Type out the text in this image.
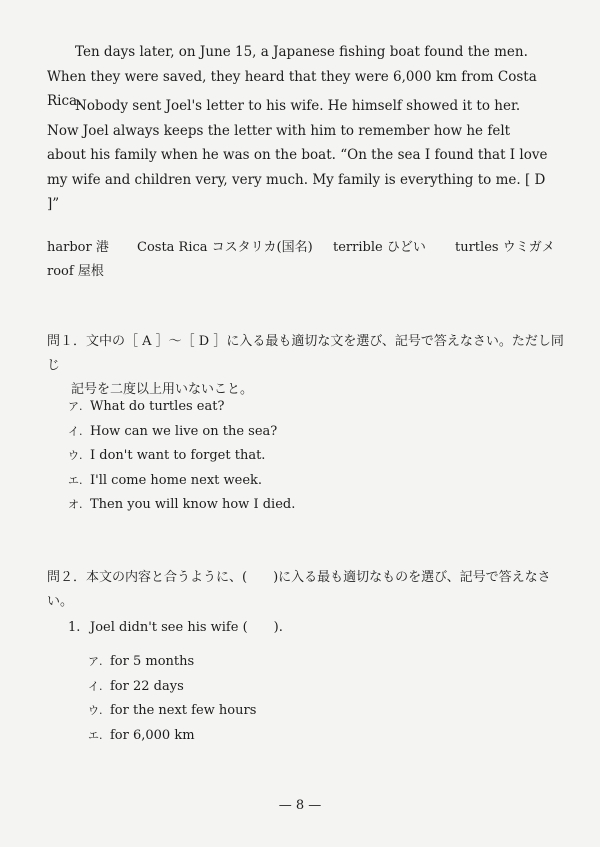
Ten days later, on June 15, a Japanese fishing boat found the men. When they were saved, they heard that they were 6,000 km from Costa Rica.

Nobody sent Joel's letter to his wife. He himself showed it to her. Now Joel always keeps the letter with him to remember how he felt about his family when he was on the boat. “On the sea I found that I love my wife and children very, very much. My family is everything to me. [ D ]”

harbor 港	Costa Rica コスタリカ(国名)	terrible ひどい	turtles ウミガメ
roof 屋根
問１．文中の［ A ］～［ D ］に入る最も適切な文を選び、記号で答えなさい。ただし同じ
記号を二度以上用いないこと。
ア. What do turtles eat?
イ. How can we live on the sea?
ウ. I don't want to forget that.
エ. I'll come home next week.
オ. Then you will know how I died.
問２．本文の内容と合うように、(　　)に入る最も適切なものを選び、記号で答えなさい。
1. Joel didn't see his wife (　　).
ア. for 5 months
イ. for 22 days
ウ. for the next few hours
エ. for 6,000 km
— 8 —
